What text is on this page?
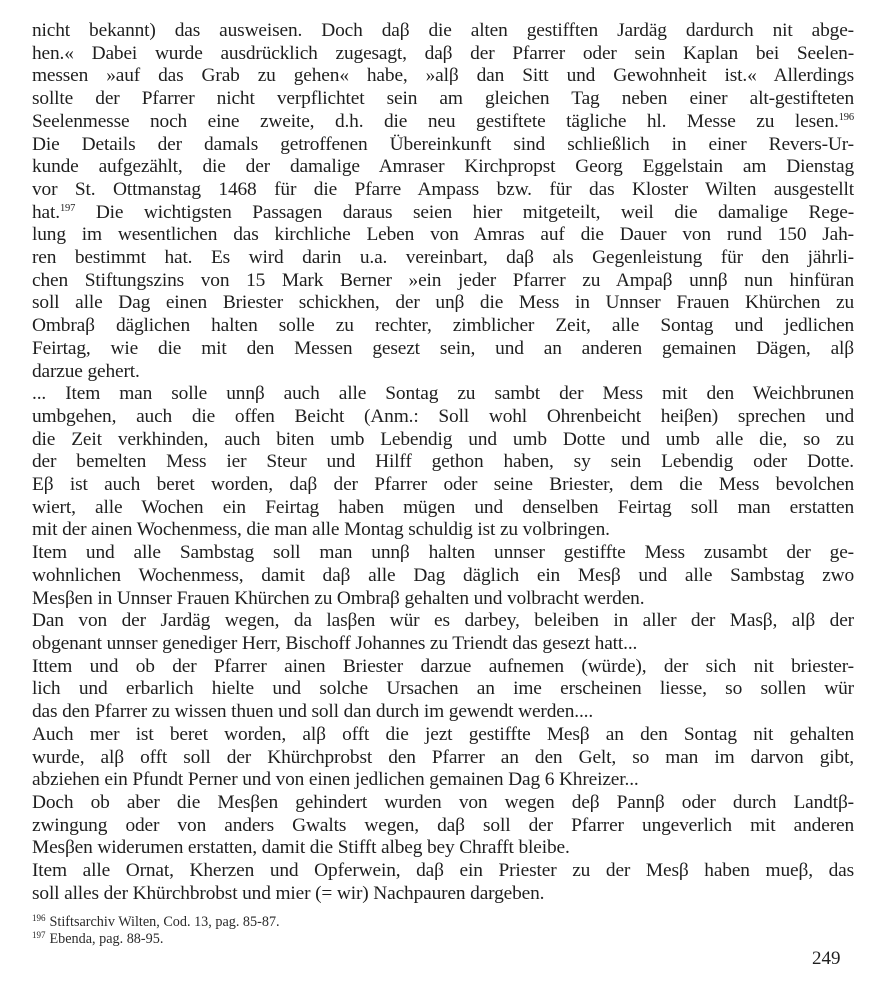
nicht bekannt) das ausweisen. Doch daβ die alten gestifften Jardäg dardurch nit abge-
hen.« Dabei wurde ausdrücklich zugesagt, daβ der Pfarrer oder sein Kaplan bei Seelen-
messen »auf das Grab zu gehen« habe, »alβ dan Sitt und Gewohnheit ist.« Allerdings
sollte der Pfarrer nicht verpflichtet sein am gleichen Tag neben einer alt-gestifteten
Seelenmesse noch eine zweite, d.h. die neu gestiftete tägliche hl. Messe zu lesen.$^{196}$
Die Details der damals getroffenen Übereinkunft sind schließlich in einer Revers-Ur-
kunde aufgezählt, die der damalige Amraser Kirchpropst Georg Eggelstain am Dienstag
vor St. Ottmanstag 1468 für die Pfarre Ampass bzw. für das Kloster Wilten ausgestellt
hat.$^{197}$ Die wichtigsten Passagen daraus seien hier mitgeteilt, weil die damalige Rege-
lung im wesentlichen das kirchliche Leben von Amras auf die Dauer von rund 150 Jah-
ren bestimmt hat. Es wird darin u.a. vereinbart, daβ als Gegenleistung für den jährli-
chen Stiftungszins von 15 Mark Berner »ein jeder Pfarrer zu Ampaβ unnβ nun hinfüran
soll alle Dag einen Briester schickhen, der unβ die Mess in Unnser Frauen Khürchen zu
Ombraβ däglichen halten solle zu rechter, zimblicher Zeit, alle Sontag und jedlichen
Feirtag, wie die mit den Messen gesezt sein, und an anderen gemainen Dägen, alβ
darzue gehert.
... Item man solle unnβ auch alle Sontag zu sambt der Mess mit den Weichbrunen
umbgehen, auch die offen Beicht (Anm.: Soll wohl Ohrenbeicht heiβen) sprechen und
die Zeit verkhinden, auch biten umb Lebendig und umb Dotte und umb alle die, so zu
der bemelten Mess ier Steur und Hilff gethon haben, sy sein Lebendig oder Dotte.
Eβ ist auch beret worden, daβ der Pfarrer oder seine Briester, dem die Mess bevolchen
wiert, alle Wochen ein Feirtag haben mügen und denselben Feirtag soll man erstatten
mit der ainen Wochenmess, die man alle Montag schuldig ist zu volbringen.
Item und alle Sambstag soll man unnβ halten unnser gestiffte Mess zusambt der ge-
wohnlichen Wochenmess, damit daβ alle Dag däglich ein Mesβ und alle Sambstag zwo
Mesβen in Unnser Frauen Khürchen zu Ombraβ gehalten und volbracht werden.
Dan von der Jardäg wegen, da lasβen wür es darbey, beleiben in aller der Masβ, alβ der
obgenant unnser genediger Herr, Bischoff Johannes zu Triendt das gesezt hatt...
Ittem und ob der Pfarrer ainen Briester darzue aufnemen (würde), der sich nit briester-
lich und erbarlich hielte und solche Ursachen an ime erscheinen liesse, so sollen wür
das den Pfarrer zu wissen thuen und soll dan durch im gewendt werden....
Auch mer ist beret worden, alβ offt die jezt gestiffte Mesβ an den Sontag nit gehalten
wurde, alβ offt soll der Khürchprobst den Pfarrer an den Gelt, so man im darvon gibt,
abziehen ein Pfundt Perner und von einen jedlichen gemainen Dag 6 Khreizer...
Doch ob aber die Mesβen gehindert wurden von wegen deβ Pannβ oder durch Landtβ-
zwingung oder von anders Gwalts wegen, daβ soll der Pfarrer ungeverlich mit anderen
Mesβen widerumen erstatten, damit die Stifft albeg bey Chrafft bleibe.
Item alle Ornat, Kherzen und Opferwein, daβ ein Priester zu der Mesβ haben mueβ, das
soll alles der Khürchbrobst und mier (= wir) Nachpauren dargeben.
$^{196}$ Stiftsarchiv Wilten, Cod. 13, pag. 85-87.
$^{197}$ Ebenda, pag. 88-95.
249
